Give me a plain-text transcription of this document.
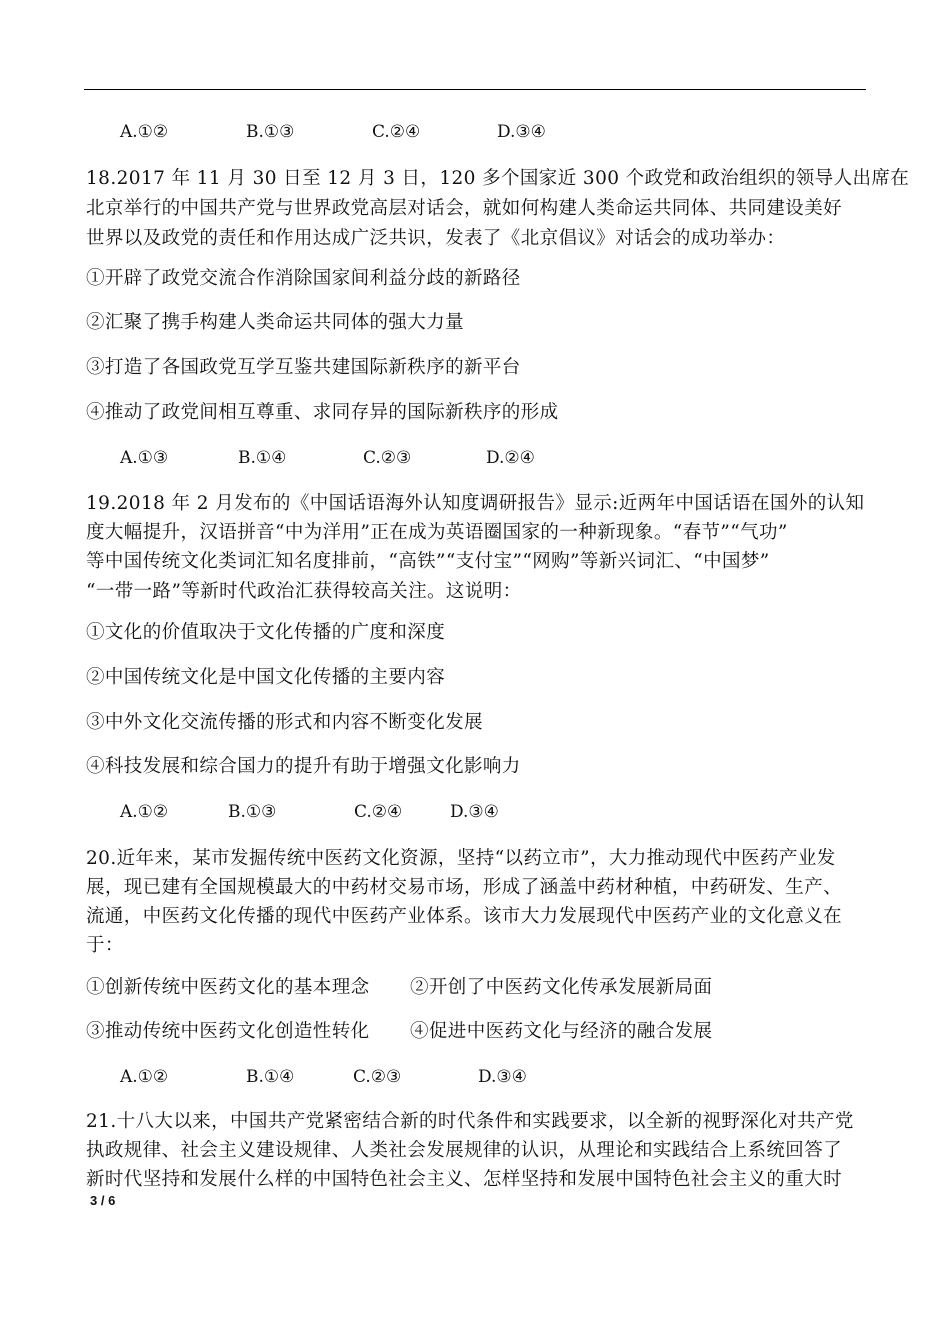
A.①②	B.①③	C.②④	D.③④
18.2017 年 11 月 30 日至 12 月 3 日，120 多个国家近 300 个政党和政治组织的领导人出席在
北京举行的中国共产党与世界政党高层对话会，就如何构建人类命运共同体、共同建设美好
世界以及政党的责任和作用达成广泛共识，发表了《北京倡议》对话会的成功举办：
①开辟了政党交流合作消除国家间利益分歧的新路径
②汇聚了携手构建人类命运共同体的强大力量
③打造了各国政党互学互鉴共建国际新秩序的新平台
④推动了政党间相互尊重、求同存异的国际新秩序的形成
A.①③	B.①④	C.②③	D.②④
19.2018 年 2 月发布的《中国话语海外认知度调研报告》显示:近两年中国话语在国外的认知
度大幅提升，汉语拼音“中为洋用”正在成为英语圈国家的一种新现象。“春节”“气功”
等中国传统文化类词汇知名度排前，“高铁”“支付宝”“网购”等新兴词汇、“中国梦”
“一带一路”等新时代政治汇获得较高关注。这说明：
①文化的价值取决于文化传播的广度和深度
②中国传统文化是中国文化传播的主要内容
③中外文化交流传播的形式和内容不断变化发展
④科技发展和综合国力的提升有助于增强文化影响力
A.①②	B.①③	C.②④	D.③④
20.近年来，某市发掘传统中医药文化资源，坚持“以药立市”，大力推动现代中医药产业发
展，现已建有全国规模最大的中药材交易市场，形成了涵盖中药材种植，中药研发、生产、
流通，中医药文化传播的现代中医药产业体系。该市大力发展现代中医药产业的文化意义在
于：
①创新传统中医药文化的基本理念 ②开创了中医药文化传承发展新局面
③推动传统中医药文化创造性转化 ④促进中医药文化与经济的融合发展
A.①②	B.①④	C.②③	D.③④
21.十八大以来，中国共产党紧密结合新的时代条件和实践要求，以全新的视野深化对共产党
执政规律、社会主义建设规律、人类社会发展规律的认识，从理论和实践结合上系统回答了
新时代坚持和发展什么样的中国特色社会主义、怎样坚持和发展中国特色社会主义的重大时
3 / 6
